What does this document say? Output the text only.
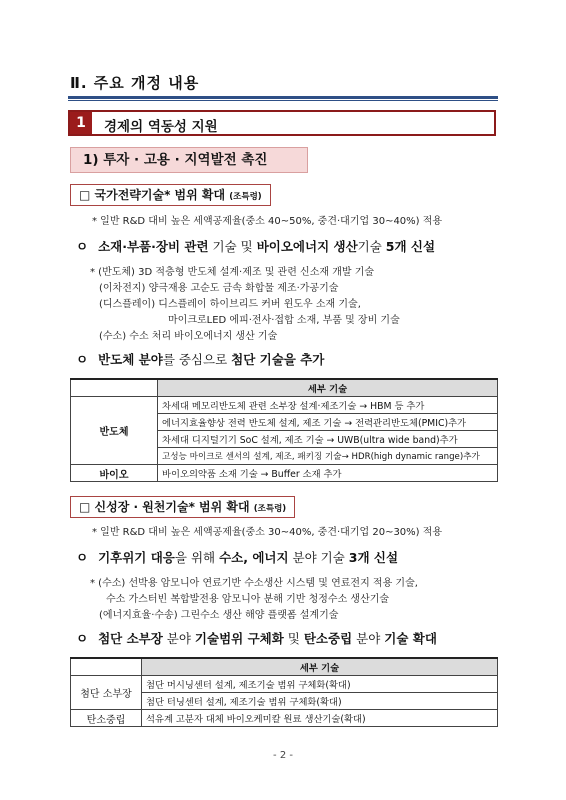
Ⅱ. 주요 개정 내용
1	경제의 역동성 지원
1) 투자 · 고용 · 지역발전 촉진
□ 국가전략기술* 범위 확대 (조특령)
* 일반 R&D 대비 높은 세액공제율(중소 40~50%, 중견·대기업 30~40%) 적용
ㅇ 소재·부품·장비 관련 기술 및 바이오에너지 생산기술 5개 신설
* (반도체) 3D 적층형 반도체 설계·제조 및 관련 신소재 개발 기술
(이차전지) 양극재용 고순도 금속 화합물 제조·가공기술
(디스플레이) 디스플레이 하이브리드 커버 윈도우 소재 기술,
마이크로LED 에피·전사·접합 소재, 부품 및 장비 기술
(수소) 수소 처리 바이오에너지 생산 기술
ㅇ 반도체 분야를 중심으로 첨단 기술을 추가
	세부 기술
반도체	차세대 메모리반도체 관련 소부장 설계·제조기술 → HBM 등 추가
	에너지효율향상 전력 반도체 설계, 제조 기술 → 전력관리반도체(PMIC)추가
	차세대 디지털기기 SoC 설계, 제조 기술 → UWB(ultra wide band)추가
	고성능 마이크로 센서의 설계, 제조, 패키징 기술→ HDR(high dynamic range)추가
바이오	바이오의약품 소재 기술 → Buffer 소재 추가
□ 신성장 · 원천기술* 범위 확대 (조특령)
* 일반 R&D 대비 높은 세액공제율(중소 30~40%, 중견·대기업 20~30%) 적용
ㅇ 기후위기 대응을 위해 수소, 에너지 분야 기술 3개 신설
* (수소) 선박용 암모니아 연료기반 수소생산 시스템 및 연료전지 적용 기술,
수소 가스터빈 복합발전용 암모니아 분해 기반 청정수소 생산기술
(에너지효율·수송) 그린수소 생산 해양 플랫폼 설계기술
ㅇ 첨단 소부장 분야 기술범위 구체화 및 탄소중립 분야 기술 확대
	세부 기술
첨단 소부장	첨단 머시닝센터 설계, 제조기술 범위 구체화(확대)
	첨단 터닝센터 설계, 제조기술 범위 구체화(확대)
탄소중립	석유계 고분자 대체 바이오케미칼 원료 생산기술(확대)
- 2 -
